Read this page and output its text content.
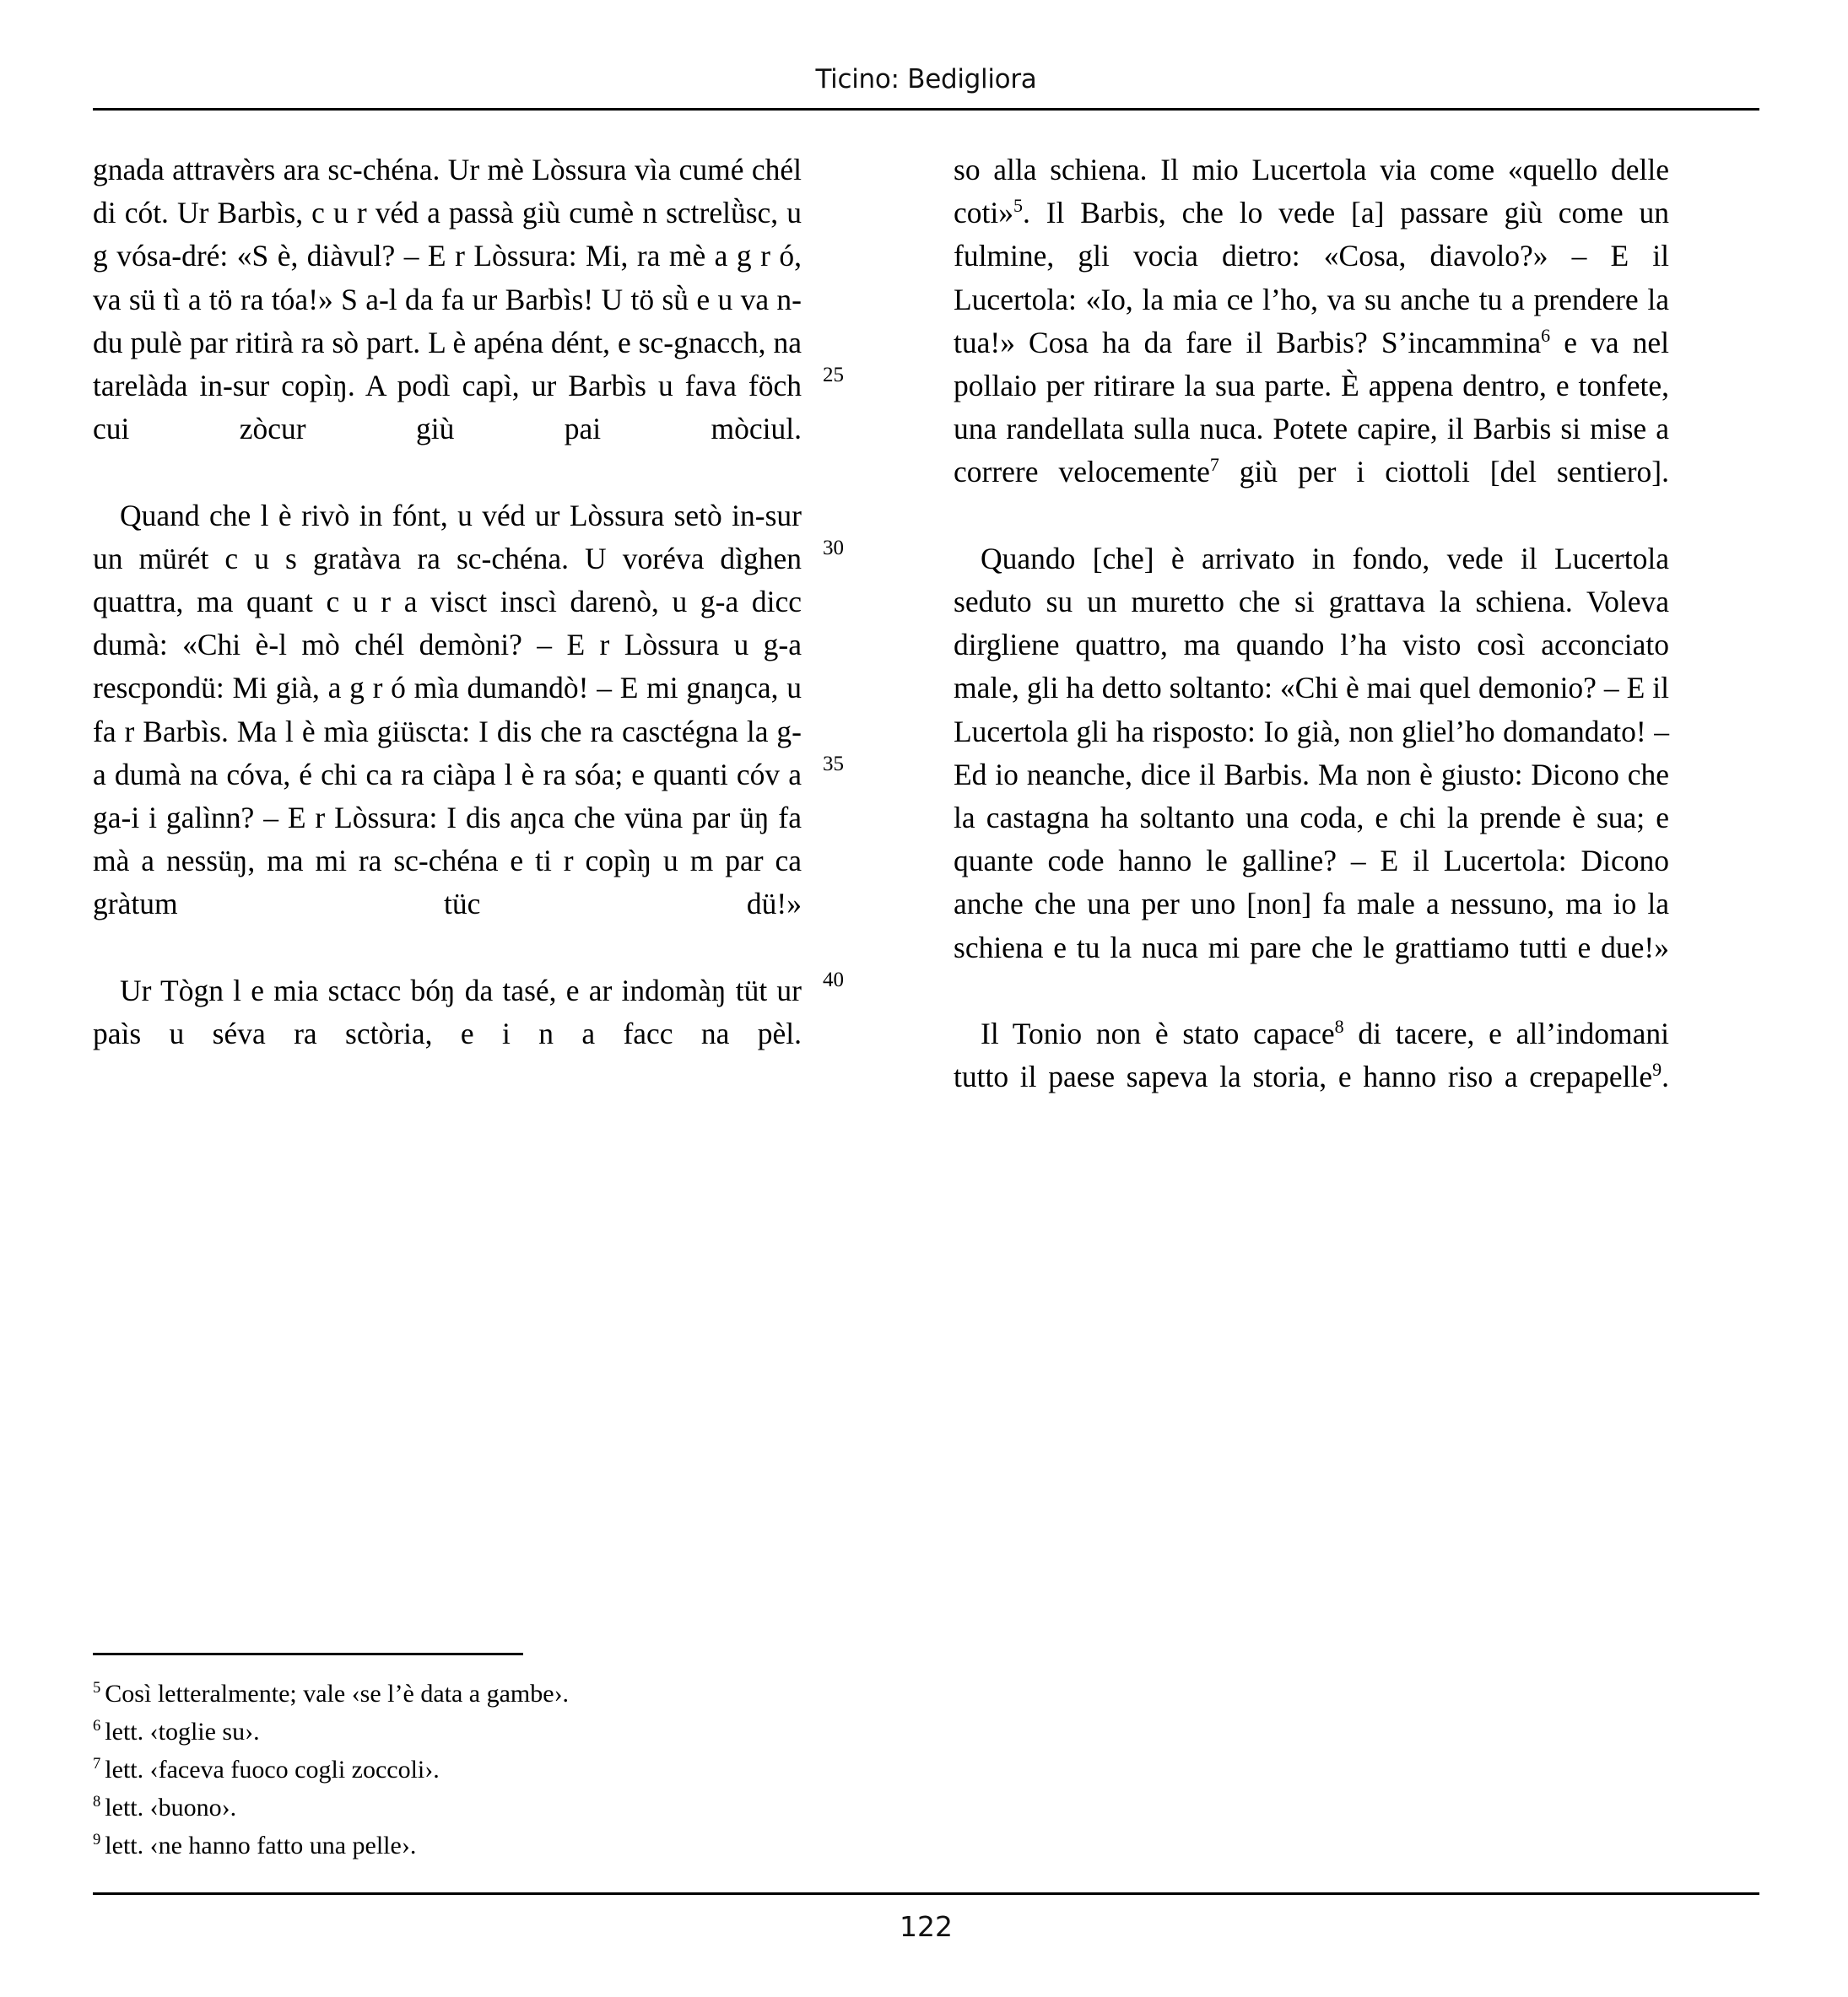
Ticino: Bedigliora

gnada attravèrs ara sc-chéna. Ur mè Lòssura vìa cumé chél di cót. Ur Barbìs, c u r véd a passà giù cumè n sctrelǜsc, u g vósa-dré: «S è, diàvul? – E r Lòssura: Mi, ra mè a g r ó, va sü tì a tö ra tóa!» S a-l da fa ur Barbìs! U tö sǜ e u va n-du pulè par ritirà ra sò part. L è apéna dént, e sc-gnacch, na tarelàda in-sur copìŋ. A podì capì, ur Barbìs u fava föch cui zòcur giù pai mòciul.

Quand che l è rivò in fónt, u véd ur Lòssura setò in-sur un mürét c u s gratàva ra sc-chéna. U voréva dìghen quattra, ma quant c u r a visct inscì darenò, u g-a dicc dumà: «Chi è-l mò chél demòni? – E r Lòssura u g-a rescpondü: Mi già, a g r ó mìa dumandò! – E mi gnaŋca, u fa r Barbìs. Ma l è mìa giüscta: I dis che ra casctégna la g-a dumà na cóva, é chi ca ra ciàpa l è ra sóa; e quanti cóv a ga-i i galìnn? – E r Lòssura: I dis aŋca che vüna par üŋ fa mà a nessüŋ, ma mi ra sc-chéna e ti r copìŋ u m par ca gràtum tüc dü!»

Ur Tògn l e mia sctacc bóŋ da tasé, e ar indomàŋ tüt ur paìs u séva ra sctòria, e i n a facc na pèl.

so alla schiena. Il mio Lucertola via come «quello delle coti»$^5$. Il Barbis, che lo vede [a] passare giù come un fulmine, gli vocia dietro: «Cosa, diavolo?» – E il Lucertola: «Io, la mia ce l’ho, va su anche tu a prendere la tua!» Cosa ha da fare il Barbis? S’incammina$^6$ e va nel pollaio per ritirare la sua parte. È appena dentro, e tonfete, una randellata sulla nuca. Potete capire, il Barbis si mise a correre velocemente$^7$ giù per i ciottoli [del sentiero].

Quando [che] è arrivato in fondo, vede il Lucertola seduto su un muretto che si grattava la schiena. Voleva dirgliene quattro, ma quando l’ha visto così acconciato male, gli ha detto soltanto: «Chi è mai quel demonio? – E il Lucertola gli ha risposto: Io già, non gliel’ho domandato! – Ed io neanche, dice il Barbis. Ma non è giusto: Dicono che la castagna ha soltanto una coda, e chi la prende è sua; e quante code hanno le galline? – E il Lucertola: Dicono anche che una per uno [non] fa male a nessuno, ma io la schiena e tu la nuca mi pare che le grattiamo tutti e due!»

Il Tonio non è stato capace$^8$ di tacere, e all’indomani tutto il paese sapeva la storia, e hanno riso a crepapelle$^9$.

25
30
35
40
$^5$ Così letteralmente; vale ‹se l’è data a gambe›.
$^6$ lett. ‹toglie su›.
$^7$ lett. ‹faceva fuoco cogli zoccoli›.
$^8$ lett. ‹buono›.
$^9$ lett. ‹ne hanno fatto una pelle›.
122
